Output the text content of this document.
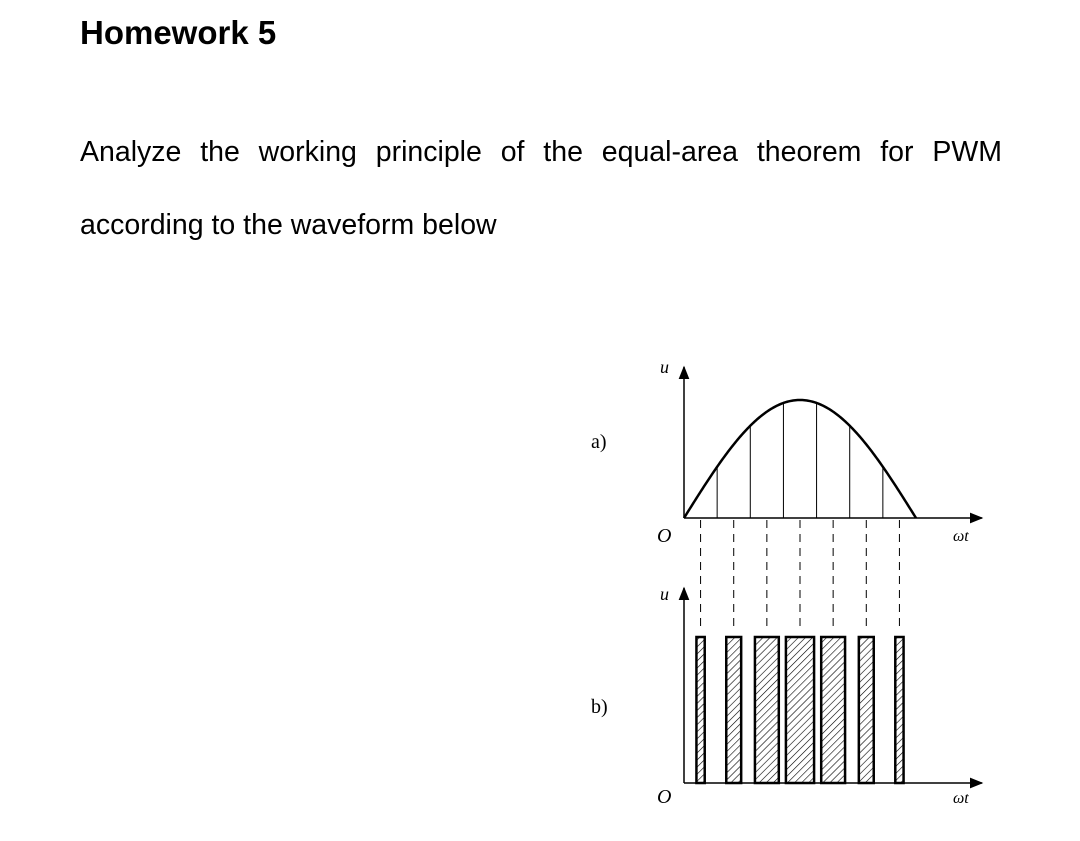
Homework 5

Analyze the working principle of the equal-area theorem for PWM according to the waveform below

a)
b)
u
O	ωt
u
O	ωt
